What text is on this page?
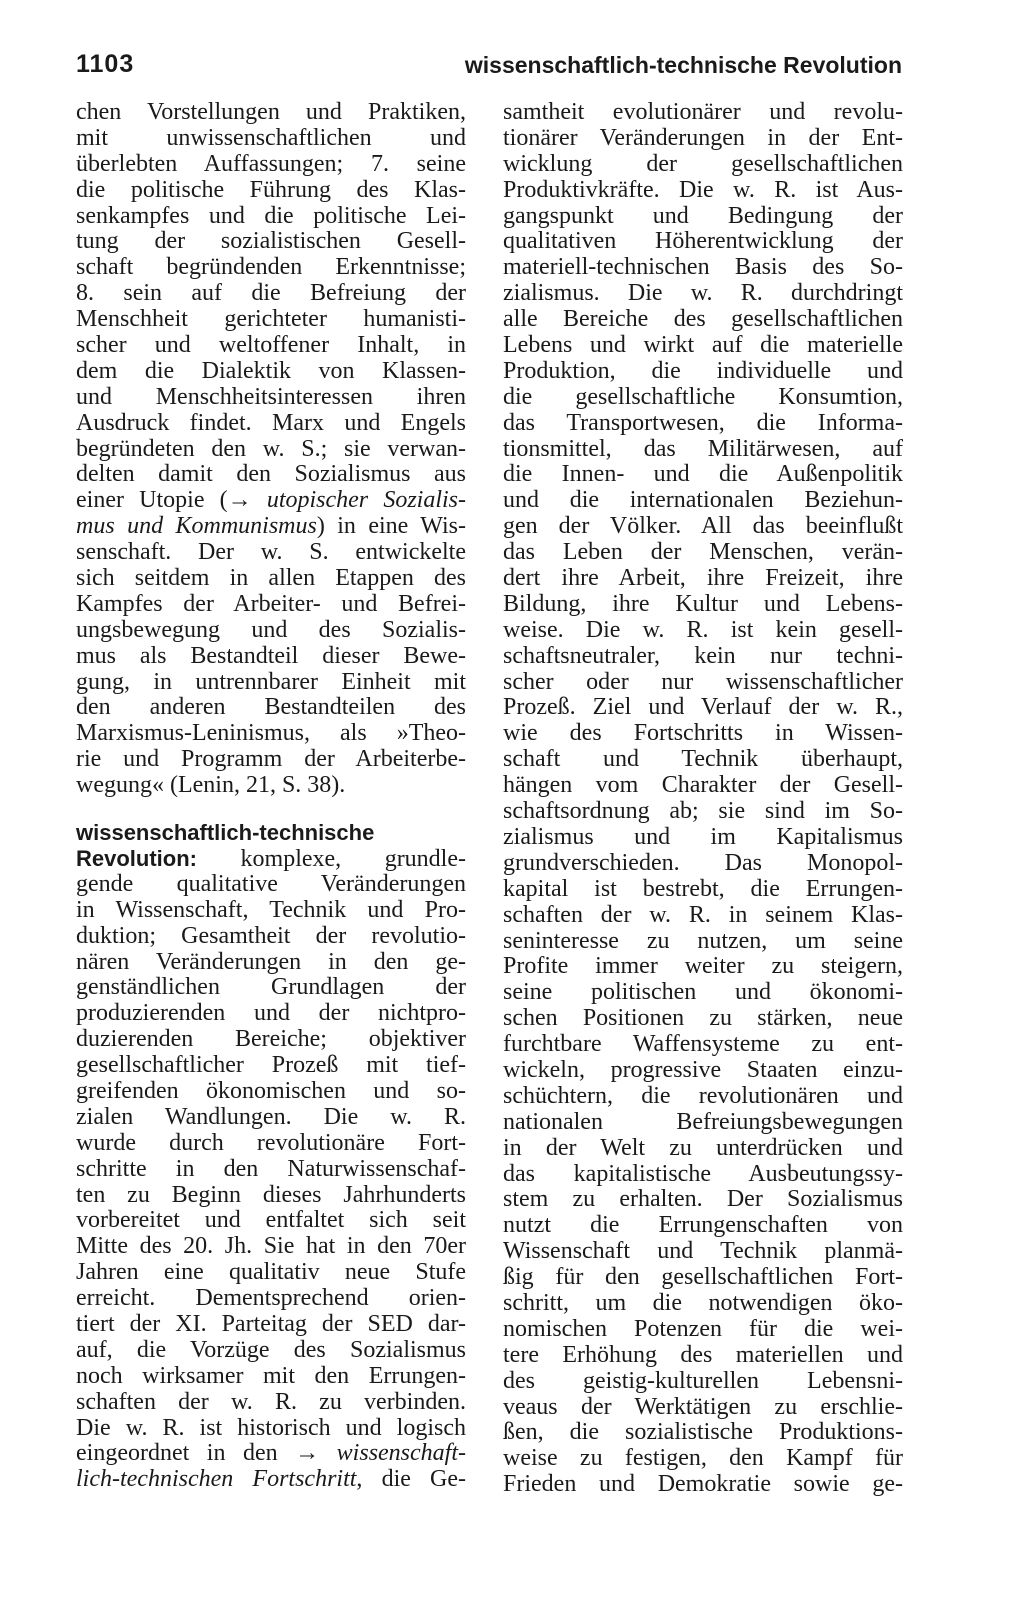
1103	wissenschaftlich-technische Revolution
chen Vorstellungen und Praktiken,
mit unwissenschaftlichen und
überlebten Auffassungen; 7. seine
die politische Führung des Klas-
senkampfes und die politische Lei-
tung der sozialistischen Gesell-
schaft begründenden Erkenntnisse;
8. sein auf die Befreiung der
Menschheit gerichteter humanisti-
scher und weltoffener Inhalt, in
dem die Dialektik von Klassen-
und Menschheitsinteressen ihren
Ausdruck findet. Marx und Engels
begründeten den w. S.; sie verwan-
delten damit den Sozialismus aus
einer Utopie (→ utopischer Sozialis-
mus und Kommunismus) in eine Wis-
senschaft. Der w. S. entwickelte
sich seitdem in allen Etappen des
Kampfes der Arbeiter- und Befrei-
ungsbewegung und des Sozialis-
mus als Bestandteil dieser Bewe-
gung, in untrennbarer Einheit mit
den anderen Bestandteilen des
Marxismus-Leninismus, als »Theo-
rie und Programm der Arbeiterbe-
wegung« (Lenin, 21, S. 38).
wissenschaftlich-technische
Revolution: komplexe, grundle-
gende qualitative Veränderungen
in Wissenschaft, Technik und Pro-
duktion; Gesamtheit der revolutio-
nären Veränderungen in den ge-
genständlichen Grundlagen der
produzierenden und der nichtpro-
duzierenden Bereiche; objektiver
gesellschaftlicher Prozeß mit tief-
greifenden ökonomischen und so-
zialen Wandlungen. Die w. R.
wurde durch revolutionäre Fort-
schritte in den Naturwissenschaf-
ten zu Beginn dieses Jahrhunderts
vorbereitet und entfaltet sich seit
Mitte des 20. Jh. Sie hat in den 70er
Jahren eine qualitativ neue Stufe
erreicht. Dementsprechend orien-
tiert der XI. Parteitag der SED dar-
auf, die Vorzüge des Sozialismus
noch wirksamer mit den Errungen-
schaften der w. R. zu verbinden.
Die w. R. ist historisch und logisch
eingeordnet in den → wissenschaft-
lich-technischen Fortschritt, die Ge-
samtheit evolutionärer und revolu-
tionärer Veränderungen in der Ent-
wicklung der gesellschaftlichen
Produktivkräfte. Die w. R. ist Aus-
gangspunkt und Bedingung der
qualitativen Höherentwicklung der
materiell-technischen Basis des So-
zialismus. Die w. R. durchdringt
alle Bereiche des gesellschaftlichen
Lebens und wirkt auf die materielle
Produktion, die individuelle und
die gesellschaftliche Konsumtion,
das Transportwesen, die Informa-
tionsmittel, das Militärwesen, auf
die Innen- und die Außenpolitik
und die internationalen Beziehun-
gen der Völker. All das beeinflußt
das Leben der Menschen, verän-
dert ihre Arbeit, ihre Freizeit, ihre
Bildung, ihre Kultur und Lebens-
weise. Die w. R. ist kein gesell-
schaftsneutraler, kein nur techni-
scher oder nur wissenschaftlicher
Prozeß. Ziel und Verlauf der w. R.,
wie des Fortschritts in Wissen-
schaft und Technik überhaupt,
hängen vom Charakter der Gesell-
schaftsordnung ab; sie sind im So-
zialismus und im Kapitalismus
grundverschieden. Das Monopol-
kapital ist bestrebt, die Errungen-
schaften der w. R. in seinem Klas-
seninteresse zu nutzen, um seine
Profite immer weiter zu steigern,
seine politischen und ökonomi-
schen Positionen zu stärken, neue
furchtbare Waffensysteme zu ent-
wickeln, progressive Staaten einzu-
schüchtern, die revolutionären und
nationalen Befreiungsbewegungen
in der Welt zu unterdrücken und
das kapitalistische Ausbeutungssy-
stem zu erhalten. Der Sozialismus
nutzt die Errungenschaften von
Wissenschaft und Technik planmä-
ßig für den gesellschaftlichen Fort-
schritt, um die notwendigen öko-
nomischen Potenzen für die wei-
tere Erhöhung des materiellen und
des geistig-kulturellen Lebensni-
veaus der Werktätigen zu erschlie-
ßen, die sozialistische Produktions-
weise zu festigen, den Kampf für
Frieden und Demokratie sowie ge-
